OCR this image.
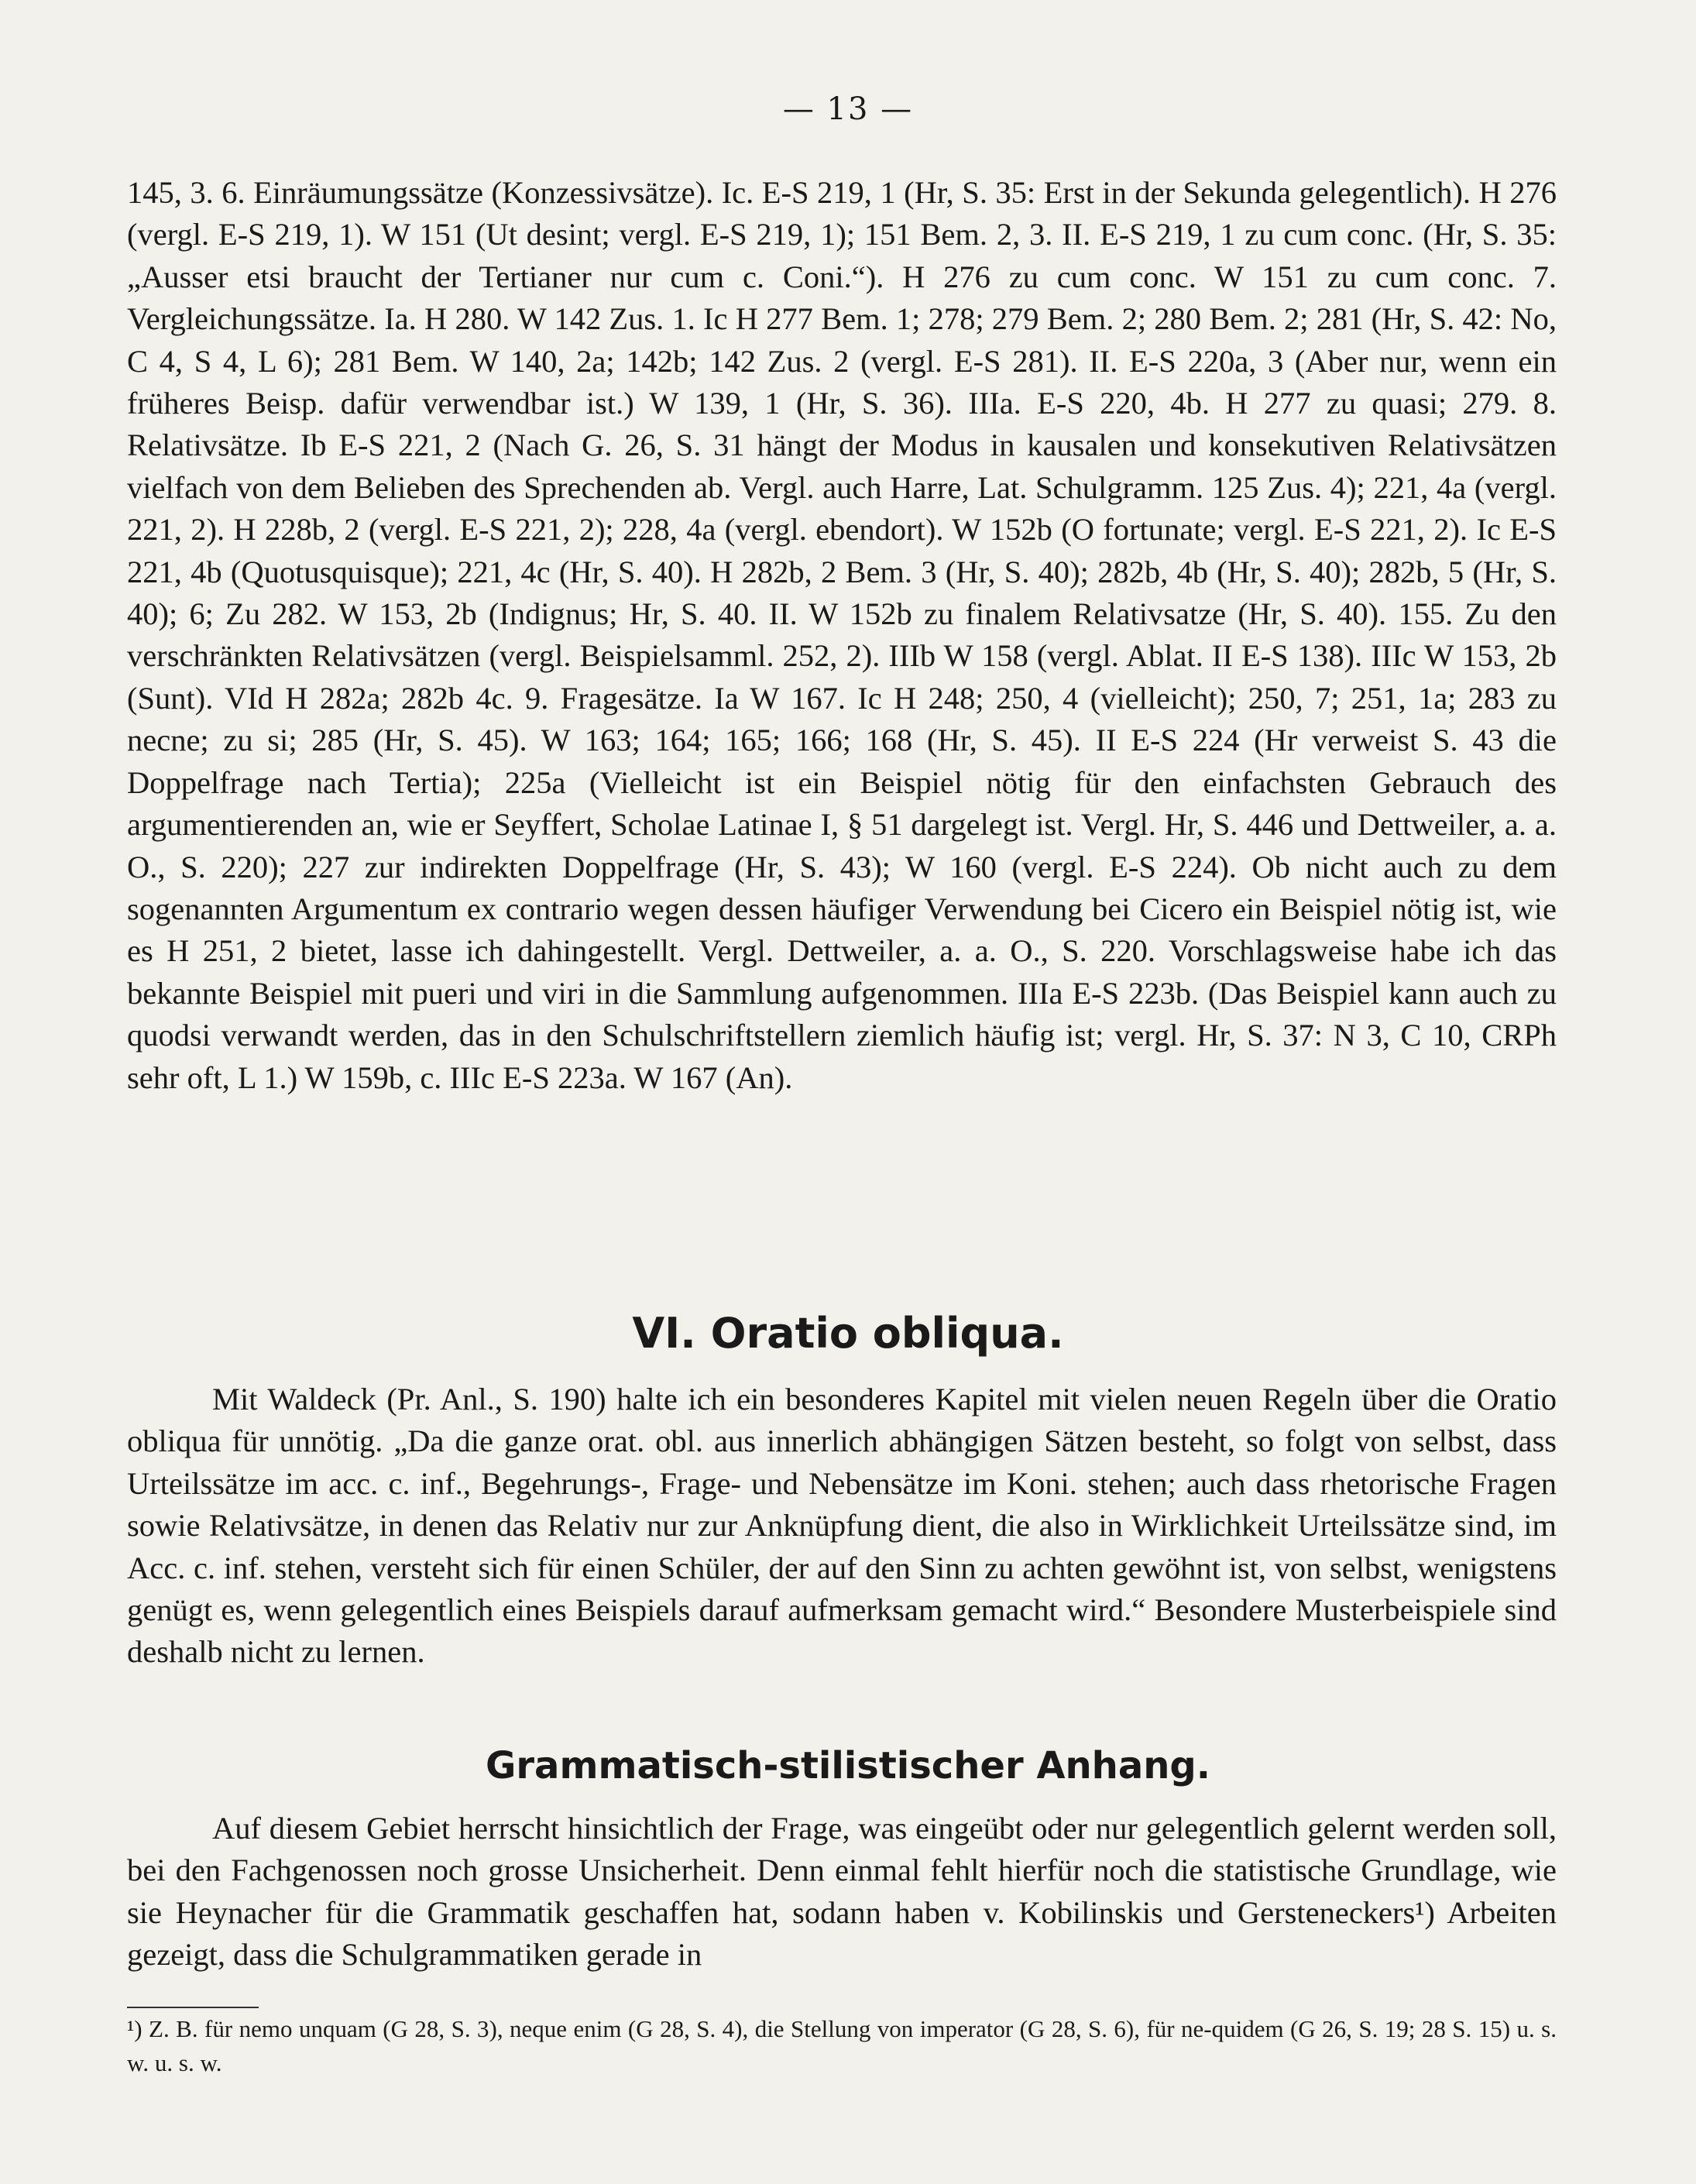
— 13 —
145, 3. 6. Einräumungssätze (Konzessivsätze). Ic. E-S 219, 1 (Hr, S. 35: Erst in der Sekunda gelegentlich). H 276 (vergl. E-S 219, 1). W 151 (Ut desint; vergl. E-S 219, 1); 151 Bem. 2, 3. II. E-S 219, 1 zu cum conc. (Hr, S. 35: „Ausser etsi braucht der Tertianer nur cum c. Coni.“). H 276 zu cum conc. W 151 zu cum conc. 7. Vergleichungssätze. Ia. H 280. W 142 Zus. 1. Ic H 277 Bem. 1; 278; 279 Bem. 2; 280 Bem. 2; 281 (Hr, S. 42: No, C 4, S 4, L 6); 281 Bem. W 140, 2a; 142b; 142 Zus. 2 (vergl. E-S 281). II. E-S 220a, 3 (Aber nur, wenn ein früheres Beisp. dafür verwendbar ist.) W 139, 1 (Hr, S. 36). IIIa. E-S 220, 4b. H 277 zu quasi; 279. 8. Relativsätze. Ib E-S 221, 2 (Nach G. 26, S. 31 hängt der Modus in kausalen und konsekutiven Relativsätzen vielfach von dem Belieben des Sprechenden ab. Vergl. auch Harre, Lat. Schulgramm. 125 Zus. 4); 221, 4a (vergl. 221, 2). H 228b, 2 (vergl. E-S 221, 2); 228, 4a (vergl. ebendort). W 152b (O fortunate; vergl. E-S 221, 2). Ic E-S 221, 4b (Quotusquisque); 221, 4c (Hr, S. 40). H 282b, 2 Bem. 3 (Hr, S. 40); 282b, 4b (Hr, S. 40); 282b, 5 (Hr, S. 40); 6; Zu 282. W 153, 2b (Indignus; Hr, S. 40. II. W 152b zu finalem Relativsatze (Hr, S. 40). 155. Zu den verschränkten Relativsätzen (vergl. Beispielsamml. 252, 2). IIIb W 158 (vergl. Ablat. II E-S 138). IIIc W 153, 2b (Sunt). VId H 282a; 282b 4c. 9. Fragesätze. Ia W 167. Ic H 248; 250, 4 (vielleicht); 250, 7; 251, 1a; 283 zu necne; zu si; 285 (Hr, S. 45). W 163; 164; 165; 166; 168 (Hr, S. 45). II E-S 224 (Hr verweist S. 43 die Doppelfrage nach Tertia); 225a (Vielleicht ist ein Beispiel nötig für den einfachsten Gebrauch des argumentierenden an, wie er Seyffert, Scholae Latinae I, § 51 dargelegt ist. Vergl. Hr, S. 446 und Dettweiler, a. a. O., S. 220); 227 zur indirekten Doppelfrage (Hr, S. 43); W 160 (vergl. E-S 224). Ob nicht auch zu dem sogenannten Argumentum ex contrario wegen dessen häufiger Verwendung bei Cicero ein Beispiel nötig ist, wie es H 251, 2 bietet, lasse ich dahingestellt. Vergl. Dettweiler, a. a. O., S. 220. Vorschlagsweise habe ich das bekannte Beispiel mit pueri und viri in die Sammlung aufgenommen. IIIa E-S 223b. (Das Beispiel kann auch zu quodsi verwandt werden, das in den Schulschriftstellern ziemlich häufig ist; vergl. Hr, S. 37: N 3, C 10, CRPh sehr oft, L 1.) W 159b, c. IIIc E-S 223a. W 167 (An).
VI. Oratio obliqua.
Mit Waldeck (Pr. Anl., S. 190) halte ich ein besonderes Kapitel mit vielen neuen Regeln über die Oratio obliqua für unnötig. „Da die ganze orat. obl. aus innerlich abhängigen Sätzen besteht, so folgt von selbst, dass Urteilssätze im acc. c. inf., Begehrungs-, Frage- und Nebensätze im Koni. stehen; auch dass rhetorische Fragen sowie Relativsätze, in denen das Relativ nur zur Anknüpfung dient, die also in Wirklichkeit Urteilssätze sind, im Acc. c. inf. stehen, versteht sich für einen Schüler, der auf den Sinn zu achten gewöhnt ist, von selbst, wenigstens genügt es, wenn gelegentlich eines Beispiels darauf aufmerksam gemacht wird.“ Besondere Musterbeispiele sind deshalb nicht zu lernen.
Grammatisch-stilistischer Anhang.
Auf diesem Gebiet herrscht hinsichtlich der Frage, was eingeübt oder nur gelegentlich gelernt werden soll, bei den Fachgenossen noch grosse Unsicherheit. Denn einmal fehlt hierfür noch die statistische Grundlage, wie sie Heynacher für die Grammatik geschaffen hat, sodann haben v. Kobilinskis und Gersteneckers¹) Arbeiten gezeigt, dass die Schulgrammatiken gerade in
¹) Z. B. für nemo unquam (G 28, S. 3), neque enim (G 28, S. 4), die Stellung von imperator (G 28, S. 6), für ne-quidem (G 26, S. 19; 28 S. 15) u. s. w. u. s. w.
